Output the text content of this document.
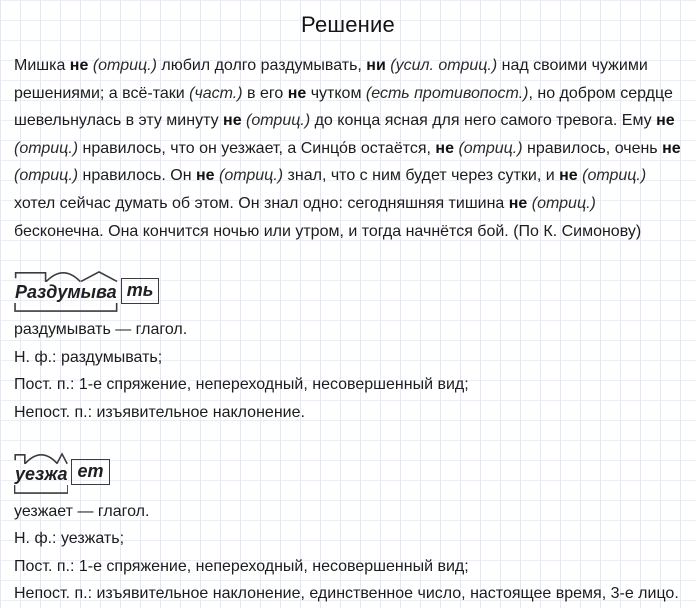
Решение

Мишка не (отриц.) любил долго раздумывать, ни (усил. отриц.) над своими чужими решениями; а всё-таки (част.) в его не чутком (есть противопост.), но добром сердце шевельнулась в эту минуту не (отриц.) до конца ясная для него самого тревога. Ему не (отриц.) нравилось, что он уезжает, а Синцо́в остаётся, не (отриц.) нравилось, очень не (отриц.) нравилось. Он не (отриц.) знал, что с ним будет через сутки, и не (отриц.) хотел сейчас думать об этом. Он знал одно: сегодняшняя тишина не (отриц.) бесконечна. Она кончится ночью или утром, и тогда начнётся бой. (По К. Симонову)

Раз
дум
ыва ть

раздумывать — глагол.

Н. ф.: раздумывать;

Пост. п.: 1-е спряжение, непереходный, несовершенный вид;

Непост. п.: изъявительное наклонение.

у
езж
а ет

уезжает — глагол.

Н. ф.: уезжать;

Пост. п.: 1-е спряжение, непереходный, несовершенный вид;

Непост. п.: изъявительное наклонение, единственное число, настоящее время, 3-е лицо.
